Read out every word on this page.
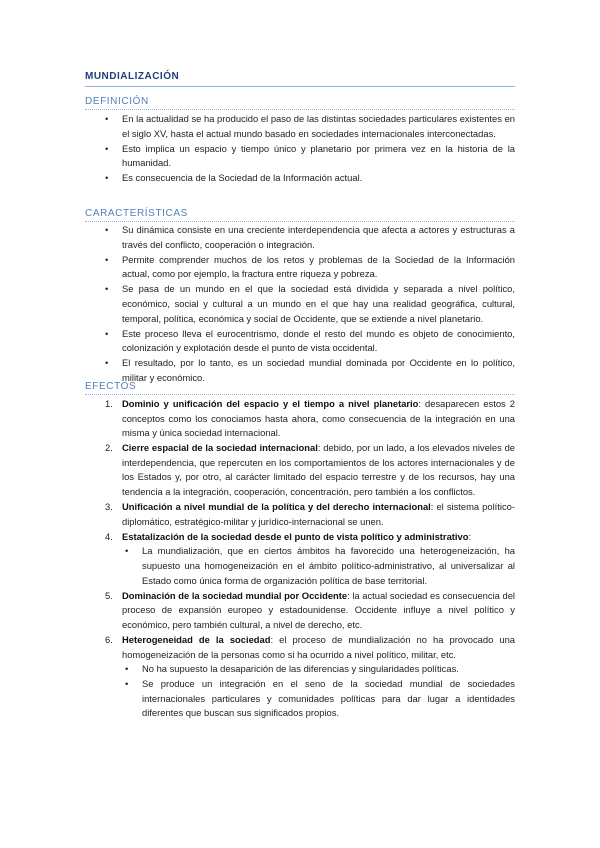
MUNDIALIZACIÓN
DEFINICIÓN
• En la actualidad se ha producido el paso de las distintas sociedades particulares existentes en el siglo XV, hasta el actual mundo basado en sociedades internacionales interconectadas.
• Esto implica un espacio y tiempo único y planetario por primera vez en la historia de la humanidad.
• Es consecuencia de la Sociedad de la Información actual.
CARACTERÍSTICAS
• Su dinámica consiste en una creciente interdependencia que afecta a actores y estructuras a través del conflicto, cooperación o integración.
• Permite comprender muchos de los retos y problemas de la Sociedad de la Información actual, como por ejemplo, la fractura entre riqueza y pobreza.
• Se pasa de un mundo en el que la sociedad está dividida y separada a nivel político, económico, social y cultural a un mundo en el que hay una realidad geográfica, cultural, temporal, política, económica y social de Occidente, que se extiende a nivel planetario.
• Este proceso lleva el eurocentrismo, donde el resto del mundo es objeto de conocimiento, colonización y explotación desde el punto de vista occidental.
• El resultado, por lo tanto, es un sociedad mundial dominada por Occidente en lo político, militar y económico.
EFECTOS
1. Dominio y unificación del espacio y el tiempo a nivel planetario: desaparecen estos 2 conceptos como los conociamos hasta ahora, como consecuencia de la integración en una misma y única sociedad internacional.
2. Cierre espacial de la sociedad internacional: debido, por un lado, a los elevados niveles de interdependencia, que repercuten en los comportamientos de los actores internacionales y de los Estados y, por otro, al carácter limitado del espacio terrestre y de los recursos, hay una tendencia a la integración, cooperación, concentración, pero también a los conflictos.
3. Unificación a nivel mundial de la política y del derecho internacional: el sistema político-diplomático, estratégico-militar y jurídico-internacional se unen.
4. Estatalización de la sociedad desde el punto de vista político y administrativo:
• La mundialización, que en ciertos ámbitos ha favorecido una heterogeneización, ha supuesto una homogeneización en el ámbito político-administrativo, al universalizar al Estado como única forma de organización política de base territorial.
5. Dominación de la sociedad mundial por Occidente: la actual sociedad es consecuencia del proceso de expansión europeo y estadounidense. Occidente influye a nivel político y económico, pero también cultural, a nivel de derecho, etc.
6. Heterogeneidad de la sociedad: el proceso de mundialización no ha provocado una homogeneización de la personas como si ha ocurrido a nivel político, militar, etc.
• No ha supuesto la desaparición de las diferencias y singularidades políticas.
• Se produce un integración en el seno de la sociedad mundial de sociedades internacionales particulares y comunidades políticas para dar lugar a identidades diferentes que buscan sus significados propios.
